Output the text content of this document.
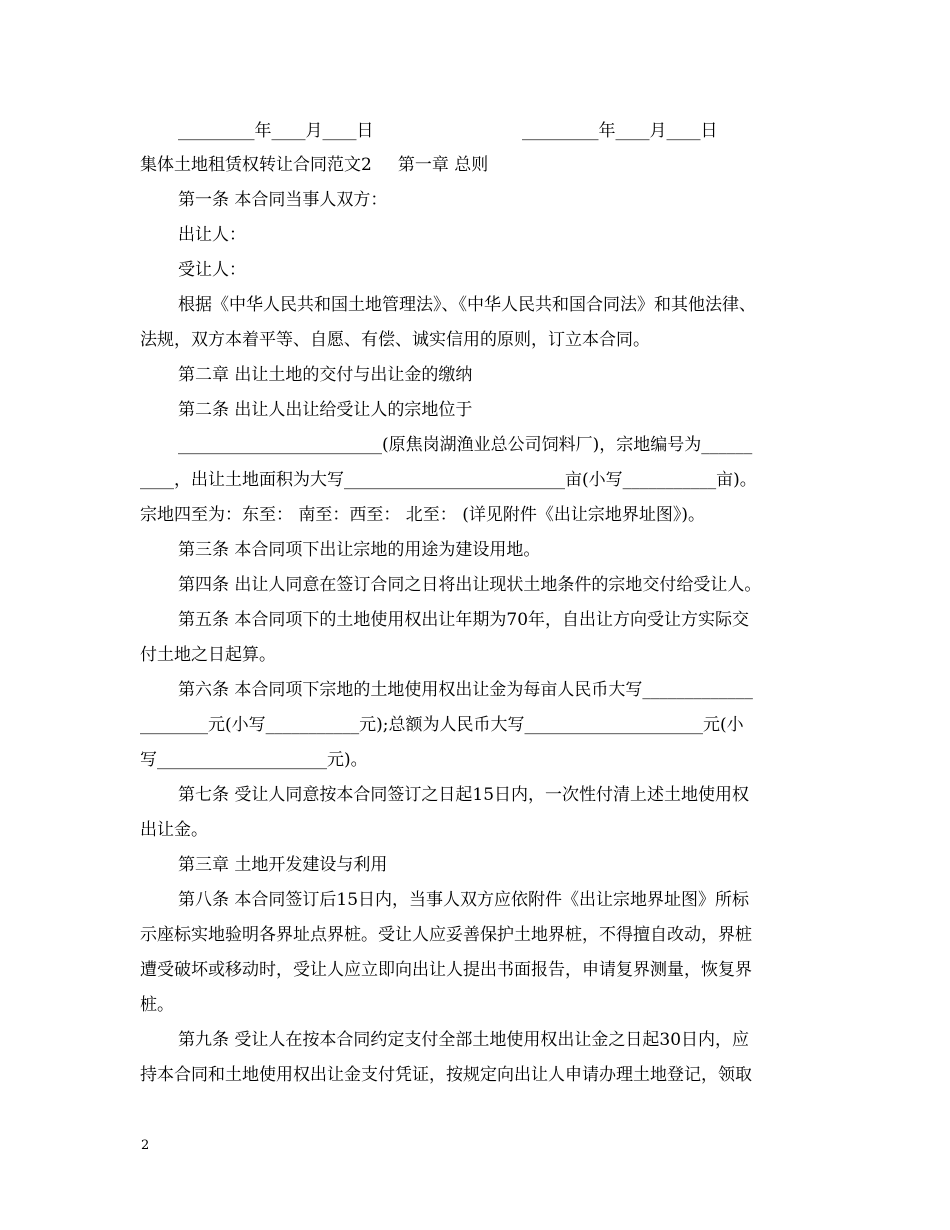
_________年____月____日	_________年____月____日
集体土地租赁权转让合同范文2 第一章 总则
第一条 本合同当事人双方：
出让人：
受让人：
根据《中华人民共和国土地管理法》、《中华人民共和国合同法》和其他法律、
法规，双方本着平等、自愿、有偿、诚实信用的原则，订立本合同。
第二章 出让土地的交付与出让金的缴纳
第二条 出让人出让给受让人的宗地位于
________________________(原焦岗湖渔业总公司饲料厂)，宗地编号为______
____，出让土地面积为大写__________________________亩(小写___________亩)。
宗地四至为：东至： 南至：西至： 北至： (详见附件《出让宗地界址图》)。
第三条 本合同项下出让宗地的用途为建设用地。
第四条 出让人同意在签订合同之日将出让现状土地条件的宗地交付给受让人。
第五条 本合同项下的土地使用权出让年期为70年，自出让方向受让方实际交
付土地之日起算。
第六条 本合同项下宗地的土地使用权出让金为每亩人民币大写_____________
________元(小写___________元);总额为人民币大写_____________________元(小
写____________________元)。
第七条 受让人同意按本合同签订之日起15日内，一次性付清上述土地使用权
出让金。
第三章 土地开发建设与利用
第八条 本合同签订后15日内，当事人双方应依附件《出让宗地界址图》所标
示座标实地验明各界址点界桩。受让人应妥善保护土地界桩，不得擅自改动，界桩
遭受破坏或移动时，受让人应立即向出让人提出书面报告，申请复界测量，恢复界
桩。
第九条 受让人在按本合同约定支付全部土地使用权出让金之日起30日内，应
持本合同和土地使用权出让金支付凭证，按规定向出让人申请办理土地登记，领取
2
